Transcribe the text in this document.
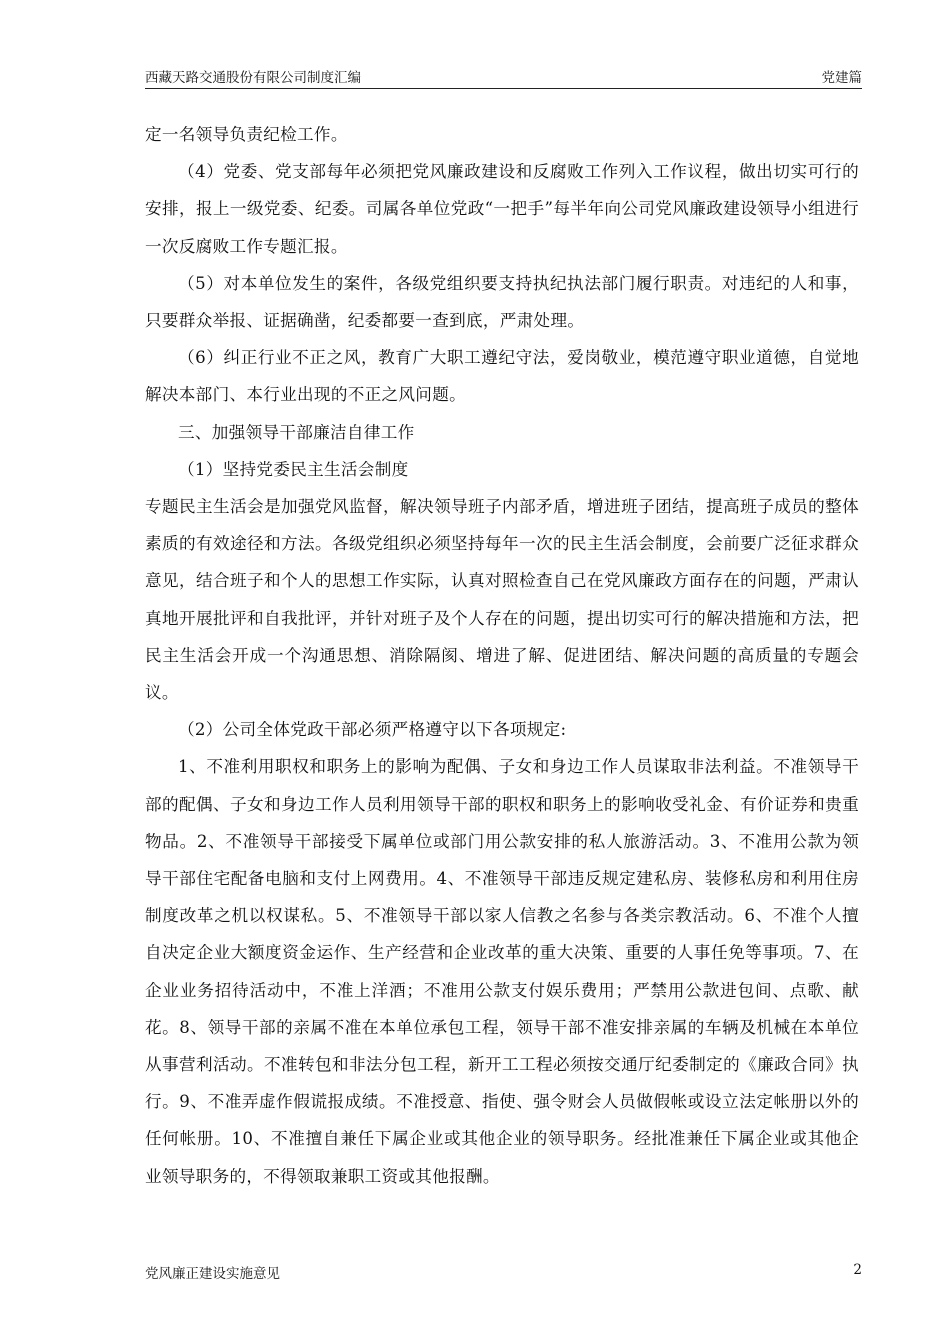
西藏天路交通股份有限公司制度汇编	党建篇

定一名领导负责纪检工作。

（4）党委、党支部每年必须把党风廉政建设和反腐败工作列入工作议程，做出切实可行的安排，报上一级党委、纪委。司属各单位党政“一把手”每半年向公司党风廉政建设领导小组进行一次反腐败工作专题汇报。

（5）对本单位发生的案件，各级党组织要支持执纪执法部门履行职责。对违纪的人和事，只要群众举报、证据确凿，纪委都要一查到底，严肃处理。

（6）纠正行业不正之风，教育广大职工遵纪守法，爱岗敬业，模范遵守职业道德，自觉地解决本部门、本行业出现的不正之风问题。

三、加强领导干部廉洁自律工作

（1）坚持党委民主生活会制度

专题民主生活会是加强党风监督，解决领导班子内部矛盾，增进班子团结，提高班子成员的整体素质的有效途径和方法。各级党组织必须坚持每年一次的民主生活会制度，会前要广泛征求群众意见，结合班子和个人的思想工作实际，认真对照检查自己在党风廉政方面存在的问题，严肃认真地开展批评和自我批评，并针对班子及个人存在的问题，提出切实可行的解决措施和方法，把民主生活会开成一个沟通思想、消除隔阂、增进了解、促进团结、解决问题的高质量的专题会议。

（2）公司全体党政干部必须严格遵守以下各项规定:

1、不准利用职权和职务上的影响为配偶、子女和身边工作人员谋取非法利益。不准领导干部的配偶、子女和身边工作人员利用领导干部的职权和职务上的影响收受礼金、有价证券和贵重物品。2、不准领导干部接受下属单位或部门用公款安排的私人旅游活动。3、不准用公款为领导干部住宅配备电脑和支付上网费用。4、不准领导干部违反规定建私房、装修私房和利用住房制度改革之机以权谋私。5、不准领导干部以家人信教之名参与各类宗教活动。6、不准个人擅自决定企业大额度资金运作、生产经营和企业改革的重大决策、重要的人事任免等事项。7、在企业业务招待活动中，不准上洋酒；不准用公款支付娱乐费用；严禁用公款进包间、点歌、献花。8、领导干部的亲属不准在本单位承包工程，领导干部不准安排亲属的车辆及机械在本单位从事营利活动。不准转包和非法分包工程，新开工工程必须按交通厅纪委制定的《廉政合同》执行。9、不准弄虚作假谎报成绩。不准授意、指使、强令财会人员做假帐或设立法定帐册以外的任何帐册。10、不准擅自兼任下属企业或其他企业的领导职务。经批准兼任下属企业或其他企业领导职务的，不得领取兼职工资或其他报酬。

党风廉正建设实施意见	2
